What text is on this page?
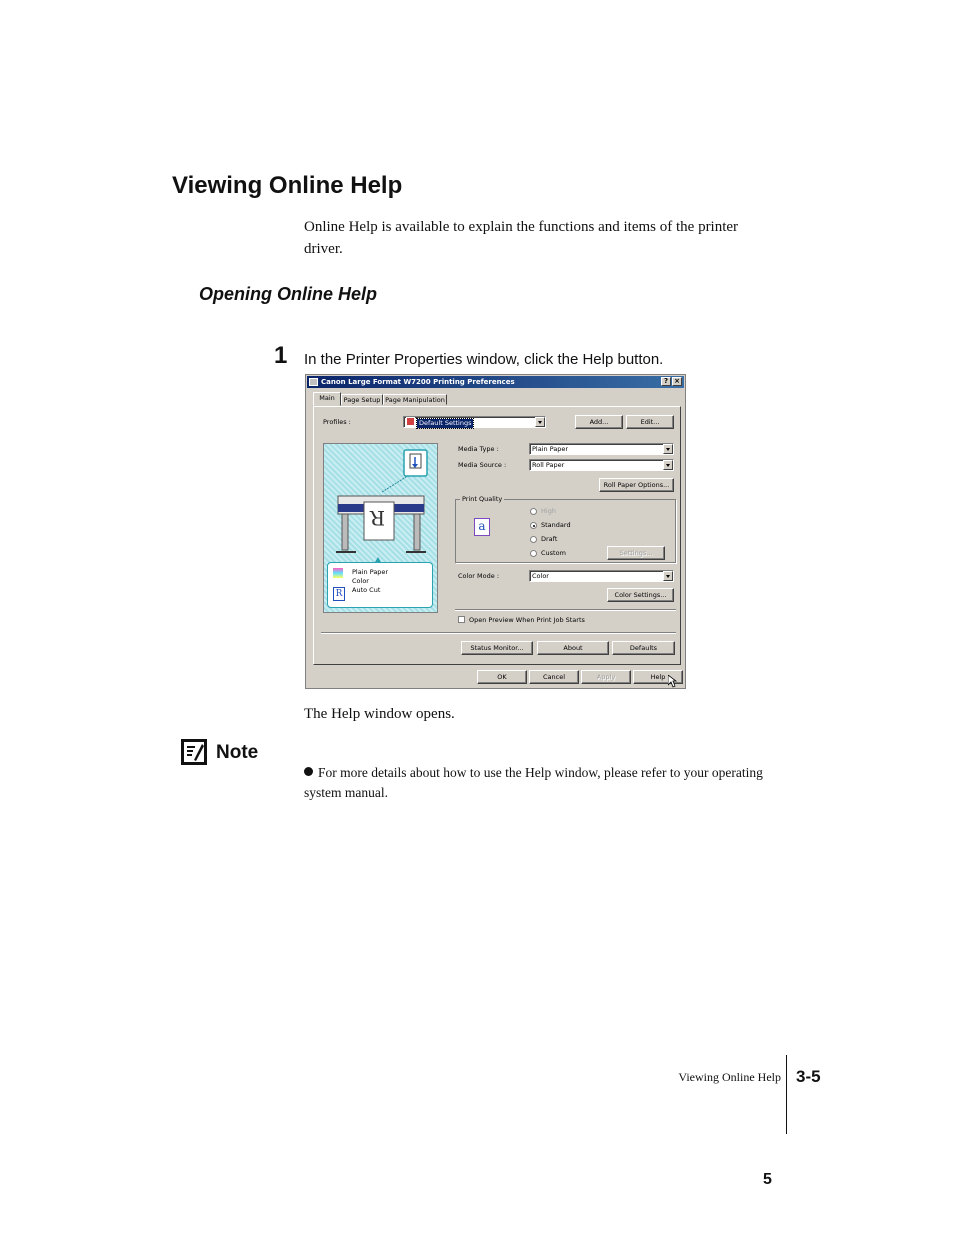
Viewing Online Help
Online Help is available to explain the functions and items of the printer driver.
Opening Online Help
1 In the Printer Properties window, click the Help button.
Canon Large Format W7200 Printing Preferences	? ×
Main	Page Setup Page Manipulation
Profiles :	Default Settings	Add...	Edit...
R
R
Plain Paper
Color
Auto Cut
Media Type :	Plain Paper
Media Source :	Roll Paper
Roll Paper Options...
Print Quality
a
High
Standard
Draft
Custom	Settings...
Color Mode :	Color
Color Settings...
Open Preview When Print Job Starts
Status Monitor...	About	Defaults
OK	Cancel	Apply	Help
The Help window opens.
Note
For more details about how to use the Help window, please refer to your operating system manual.
Viewing Online Help 3-5
5
